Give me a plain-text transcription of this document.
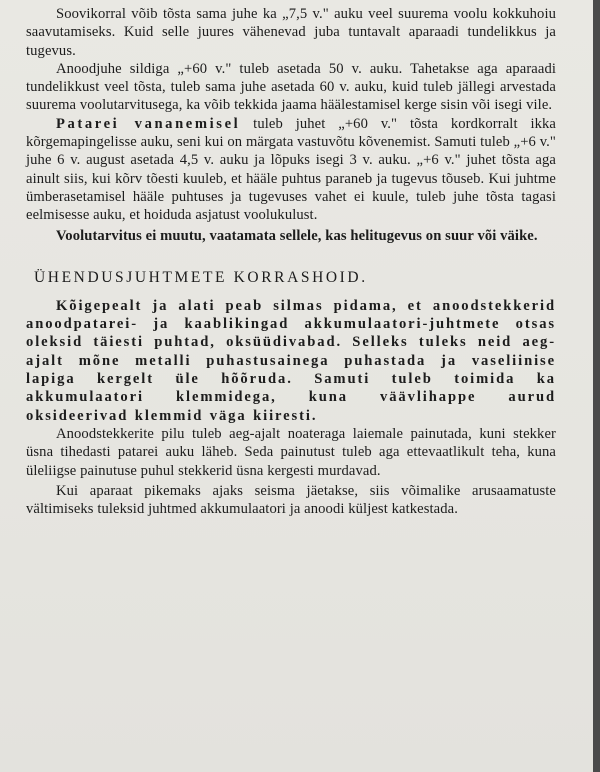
Soovikorral võib tõsta sama juhe ka „7,5 v." auku veel suurema voolu kokkuhoiu saavutamiseks. Kuid selle juures vähenevad juba tuntavalt aparaadi tundelikkus ja tugevus.

Anoodjuhe sildiga „+60 v." tuleb asetada 50 v. auku. Tahetakse aga aparaadi tundelikkust veel tõsta, tuleb sama juhe asetada 60 v. auku, kuid tuleb jällegi arvestada suurema voolutarvitusega, ka võib tekkida jaama häälestamisel kerge sisin või isegi vile.

Patarei vananemisel tuleb juhet „+60 v." tõsta kordkorralt ikka kõrgemapingelisse auku, seni kui on märgata vastuvõtu kõvenemist. Samuti tuleb „+6 v." juhe 6 v. august asetada 4,5 v. auku ja lõpuks isegi 3 v. auku. „+6 v." juhet tõsta aga ainult siis, kui kõrv tõesti kuuleb, et hääle puhtus paraneb ja tugevus tõuseb. Kui juhtme ümberasetamisel hääle puhtuses ja tugevuses vahet ei kuule, tuleb juhe tõsta tagasi eelmisesse auku, et hoiduda asjatust voolukulust.

Voolutarvitus ei muutu, vaatamata sellele, kas helitugevus on suur või väike.

ÜHENDUSJUHTMETE KORRASHOID.

Kõigepealt ja alati peab silmas pidama, et anoodstekkerid anoodpatarei- ja kaablikingad akkumulaatori-juhtmete otsas oleksid täiesti puhtad, oksüüdivabad. Selleks tuleks neid aeg-ajalt mõne metalli puhastusainega puhastada ja vaseliinise lapiga kergelt üle hõõruda. Samuti tuleb toimida ka akkumulaatori klemmidega, kuna väävlihappe aurud oksideerivad klemmid väga kiiresti.

Anoodstekkerite pilu tuleb aeg-ajalt noateraga laiemale painutada, kuni stekker üsna tihedasti patarei auku läheb. Seda painutust tuleb aga ettevaatlikult teha, kuna üleliigse painutuse puhul stekkerid üsna kergesti murdavad.

Kui aparaat pikemaks ajaks seisma jäetakse, siis võimalike arusaamatuste vältimiseks tuleksid juhtmed akkumulaatori ja anoodi küljest katkestada.
